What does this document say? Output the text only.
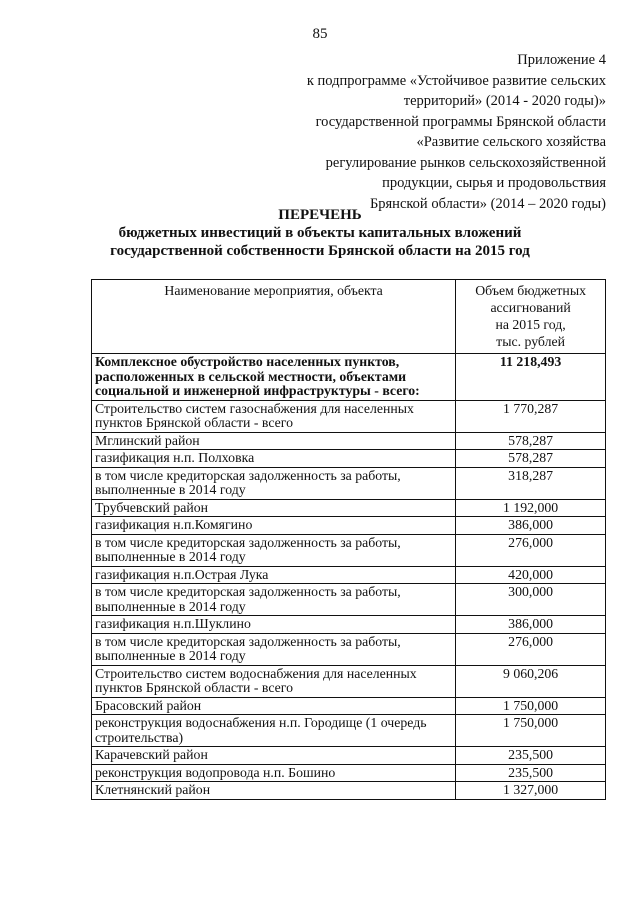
85
Приложение 4
к подпрограмме «Устойчивое развитие сельских
территорий» (2014 - 2020 годы)»
государственной программы Брянской области
«Развитие сельского хозяйства
регулирование рынков сельскохозяйственной
продукции, сырья и продовольствия
Брянской области» (2014 – 2020 годы)
ПЕРЕЧЕНЬ
бюджетных инвестиций в объекты капитальных вложений
государственной собственности Брянской области на 2015 год
Наименование мероприятия, объекта	Объем бюджетных
ассигнований
на 2015 год,
тыс. рублей

Комплексное обустройство населенных пунктов, расположенных в сельской местности, объектами социальной и инженерной инфраструктуры - всего:	11 218,493
Строительство систем газоснабжения для населенных пунктов Брянской области - всего	1 770,287
Мглинский район	578,287
газификация н.п. Полховка	578,287
в том числе кредиторская задолженность за работы, выполненные в 2014 году	318,287
Трубчевский район	1 192,000
газификация н.п.Комягино	386,000
в том числе кредиторская задолженность за работы, выполненные в 2014 году	276,000
газификация н.п.Острая Лука	420,000
в том числе кредиторская задолженность за работы, выполненные в 2014 году	300,000
газификация н.п.Шуклино	386,000
в том числе кредиторская задолженность за работы, выполненные в 2014 году	276,000
Строительство систем водоснабжения для населенных пунктов Брянской области - всего	9 060,206
Брасовский район	1 750,000
реконструкция водоснабжения н.п. Городище (1 очередь строительства)	1 750,000
Карачевский район	235,500
реконструкция водопровода н.п. Бошино	235,500
Клетнянский район	1 327,000
